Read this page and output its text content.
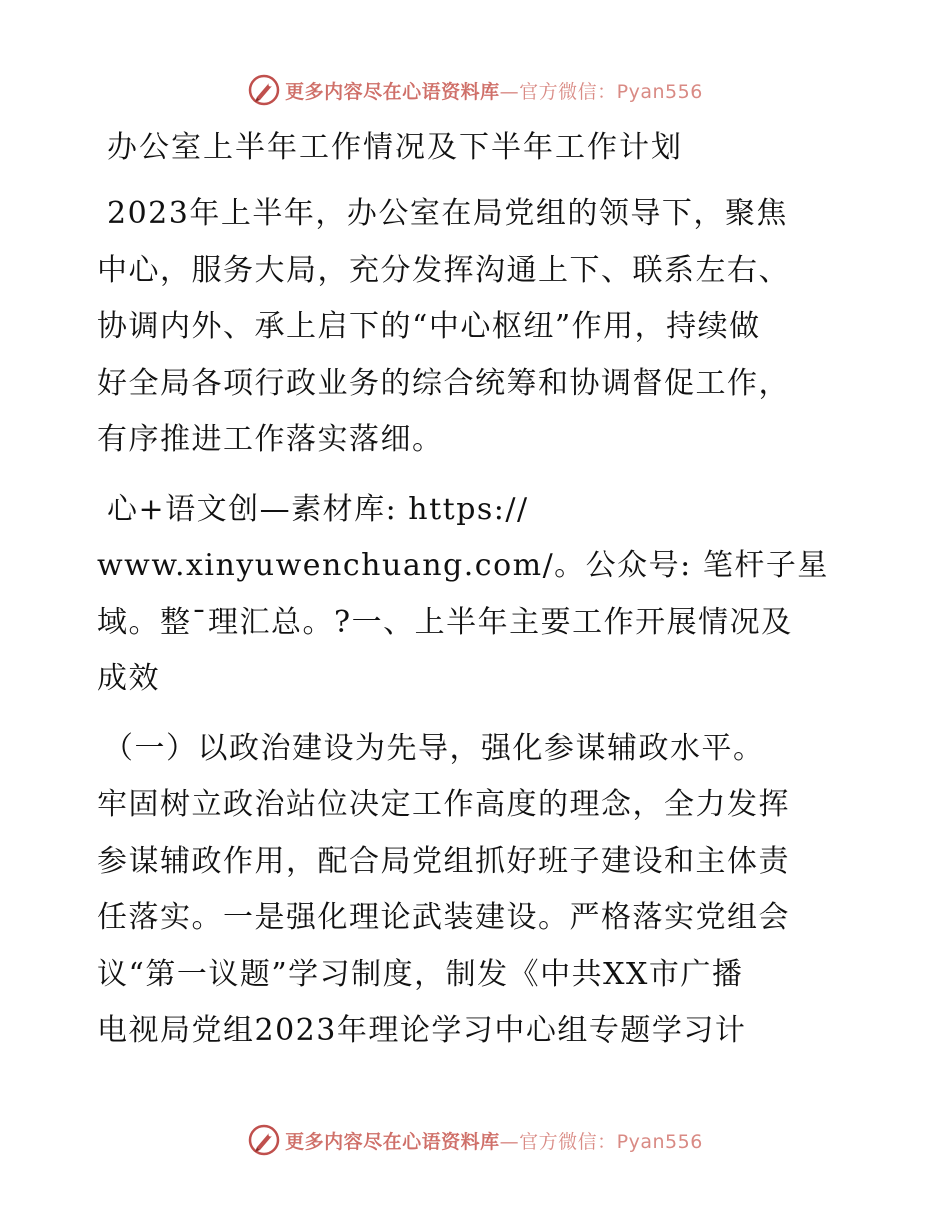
更多内容尽在心语资料库—官方微信：Pyan556
办公室上半年工作情况及下半年工作计划
2023年上半年，办公室在局党组的领导下，聚焦
中心，服务大局，充分发挥沟通上下、联系左右、
协调内外、承上启下的“中心枢纽”作用，持续做
好全局各项行政业务的综合统筹和协调督促工作，
有序推进工作落实落细。
心+语文创—素材库: https://
www.xinyuwenchuang.com/。公众号: 笔杆子星
域。整¯理汇总。?一、上半年主要工作开展情况及
成效
（一）以政治建设为先导，强化参谋辅政水平。
牢固树立政治站位决定工作高度的理念，全力发挥
参谋辅政作用，配合局党组抓好班子建设和主体责
任落实。一是强化理论武装建设。严格落实党组会
议“第一议题”学习制度，制发《中共XX市广播
电视局党组2023年理论学习中心组专题学习计
更多内容尽在心语资料库—官方微信：Pyan556
